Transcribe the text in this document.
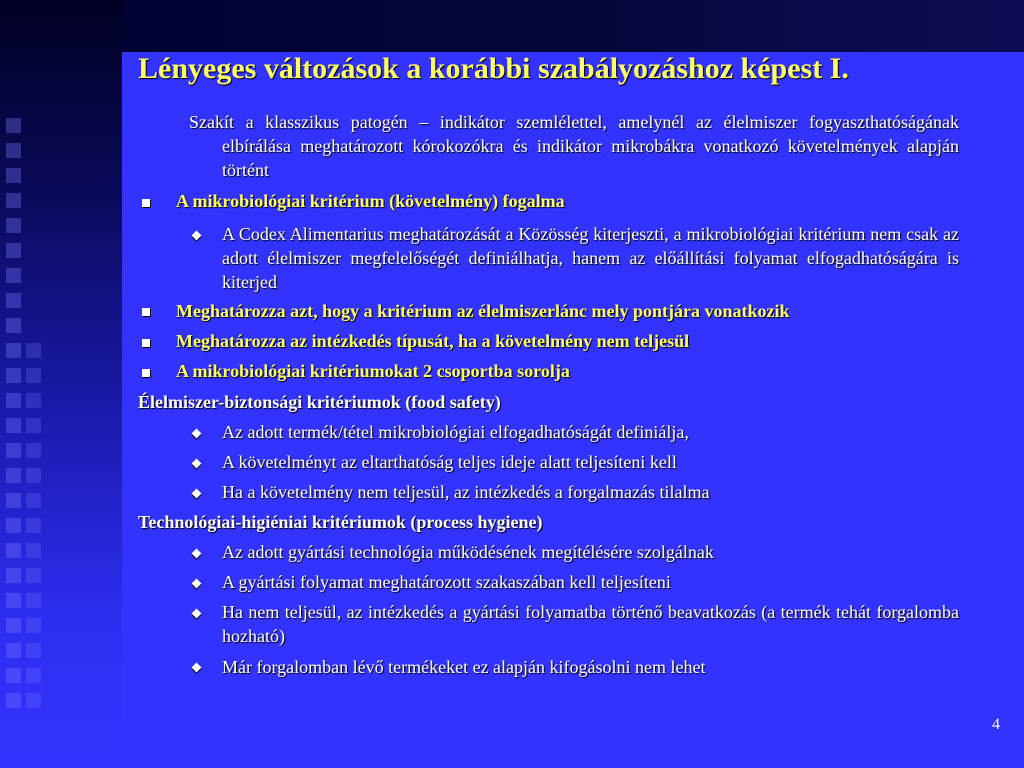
Lényeges változások a korábbi szabályozáshoz képest I.
Szakít a klasszikus patogén – indikátor szemlélettel, amelynél az élelmiszer fogyaszthatóságának elbírálása meghatározott kórokozókra és indikátor mikrobákra vonatkozó követelmények alapján történt
A mikrobiológiai kritérium (követelmény) fogalma
A Codex Alimentarius meghatározását a Közösség kiterjeszti, a mikrobiológiai kritérium nem csak az adott élelmiszer megfelelőségét definiálhatja, hanem az előállítási folyamat elfogadhatóságára is kiterjed
Meghatározza azt, hogy a kritérium az élelmiszerlánc mely pontjára vonatkozik
Meghatározza az intézkedés típusát, ha a követelmény nem teljesül
A mikrobiológiai kritériumokat 2 csoportba sorolja
Élelmiszer-biztonsági kritériumok (food safety)
Az adott termék/tétel mikrobiológiai elfogadhatóságát definiálja,
A követelményt az eltarthatóság teljes ideje alatt teljesíteni kell
Ha a követelmény nem teljesül, az intézkedés a forgalmazás tilalma
Technológiai-higiéniai kritériumok (process hygiene)
Az adott gyártási technológia működésének megítélésére szolgálnak
A gyártási folyamat meghatározott szakaszában kell teljesíteni
Ha nem teljesül, az intézkedés a gyártási folyamatba történő beavatkozás (a termék tehát forgalomba hozható)
Már forgalomban lévő termékeket ez alapján kifogásolni nem lehet
4
